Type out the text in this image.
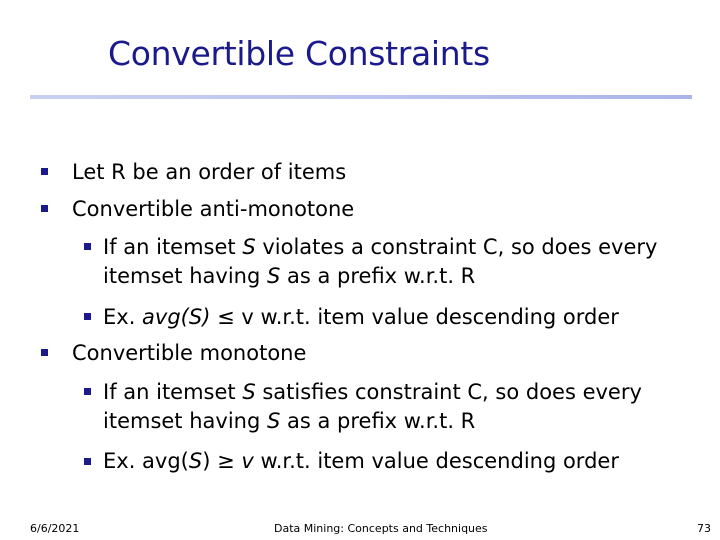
Convertible Constraints
Let R be an order of items
Convertible anti-monotone
If an itemset S violates a constraint C, so does every
itemset having S as a prefix w.r.t. R
Ex. avg(S) ≤ v w.r.t. item value descending order
Convertible monotone
If an itemset S satisfies constraint C, so does every
itemset having S as a prefix w.r.t. R
Ex. avg(S) ≥ v w.r.t. item value descending order
6/6/2021	Data Mining: Concepts and Techniques	73
